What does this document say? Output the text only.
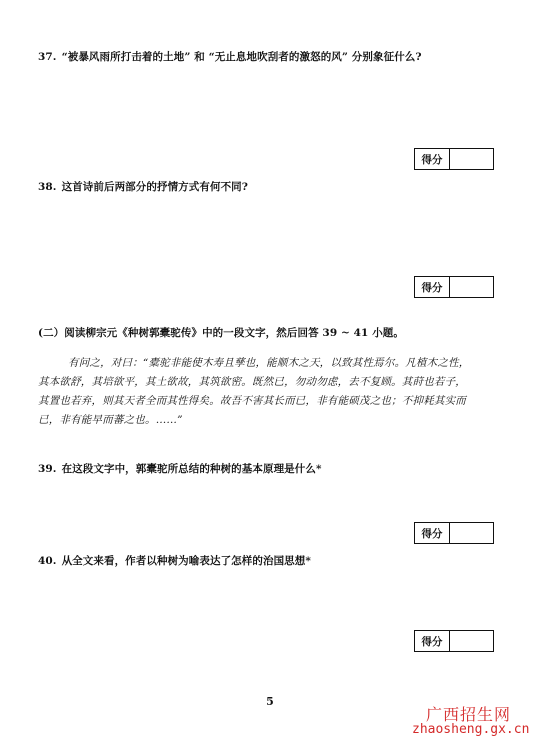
37. “被暴风雨所打击着的土地” 和 “无止息地吹刮者的激怒的风” 分别象征什么?
得分
38. 这首诗前后两部分的抒情方式有何不同?
得分
(二）阅读柳宗元《种树郭橐驼传》中的一段文字，然后回答 39 ~ 41 小题。
有问之，对曰：“橐驼非能使木寿且孳也，能顺木之天，以致其性焉尔。凡植木之性，
其本欲舒，其培欲平，其土欲故，其筑欲密。既然已，勿动勿虑，去不复顾。其莳也若子，
其置也若弃，则其天者全而其性得矣。故吾不害其长而已，非有能硕茂之也；不抑耗其实而
已，非有能早而蕃之也。……”
39. 在这段文字中，郭橐驼所总结的种树的基本原理是什么*
得分
40. 从全文来看，作者以种树为喻表达了怎样的治国思想*
得分
5
广西招生网
zhaosheng.gx.cn
